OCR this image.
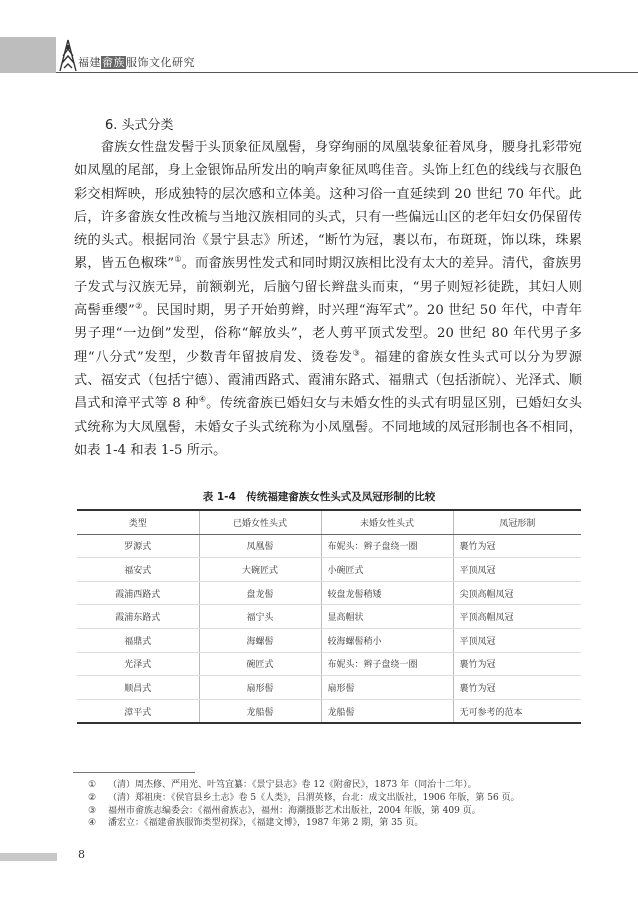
福建畲族服饰文化研究
6. 头式分类

　　畲族女性盘发髻于头顶象征凤凰髻，身穿绚丽的凤凰装象征着凤身，腰身扎彩带宛如凤凰的尾部，身上金银饰品所发出的响声象征凤鸣佳音。头饰上红色的线线与衣服色彩交相辉映，形成独特的层次感和立体美。这种习俗一直延续到 20 世纪 70 年代。此后，许多畲族女性改梳与当地汉族相同的头式，只有一些偏远山区的老年妇女仍保留传统的头式。根据同治《景宁县志》所述，“断竹为冠，裹以布，布斑斑，饰以珠，珠累累，皆五色椒珠”①。而畲族男性发式和同时期汉族相比没有太大的差异。清代，畲族男子发式与汉族无异，前额剃光，后脑勺留长辫盘头而束，“男子则短衫徒跣，其妇人则高髻垂缨”②。民国时期，男子开始剪辫，时兴理“海军式”。20 世纪 50 年代，中青年男子理“一边倒”发型，俗称“解放头”，老人剪平顶式发型。20 世纪 80 年代男子多理“八分式”发型，少数青年留披肩发、烫卷发③。福建的畲族女性头式可以分为罗源式、福安式（包括宁德）、霞浦西路式、霞浦东路式、福鼎式（包括浙皖）、光泽式、顺昌式和漳平式等 8 种④。传统畲族已婚妇女与未婚女性的头式有明显区别，已婚妇女头式统称为大凤凰髻，未婚女子头式统称为小凤凰髻。不同地域的凤冠形制也各不相同，如表 1-4 和表 1-5 所示。

表 1-4　传统福建畲族女性头式及凤冠形制的比较
类型	已婚女性头式	未婚女性头式	凤冠形制
罗源式	凤凰髻	布妮头：辫子盘绕一圈	裹竹为冠
福安式	大碗匠式	小碗匠式	平顶凤冠
霞浦西路式	盘龙髻	较盘龙髻稍矮	尖顶高帽凤冠
霞浦东路式	福宁头	显高帽状	平顶高帽凤冠
福鼎式	海螺髻	较海螺髻稍小	平顶凤冠
光泽式	碗匠式	布妮头：辫子盘绕一圈	裹竹为冠
顺昌式	扇形髻	扇形髻	裹竹为冠
漳平式	龙船髻	龙船髻	无可参考的范本
① （清）周杰修、严用光、叶笃宜纂：《景宁县志》卷 12《附畲民》，1873 年（同治十二年）。
② （清）郑祖庚：《侯官县乡土志》卷 5《人类》，吕渭英修，台北：成文出版社，1906 年版，第 56 页。
③ 福州市畲族志编委会：《福州畲族志》，福州：海潮摄影艺术出版社，2004 年版，第 409 页。
④ 潘宏立：《福建畲族服饰类型初探》，《福建文博》，1987 年第 2 期，第 35 页。
8
